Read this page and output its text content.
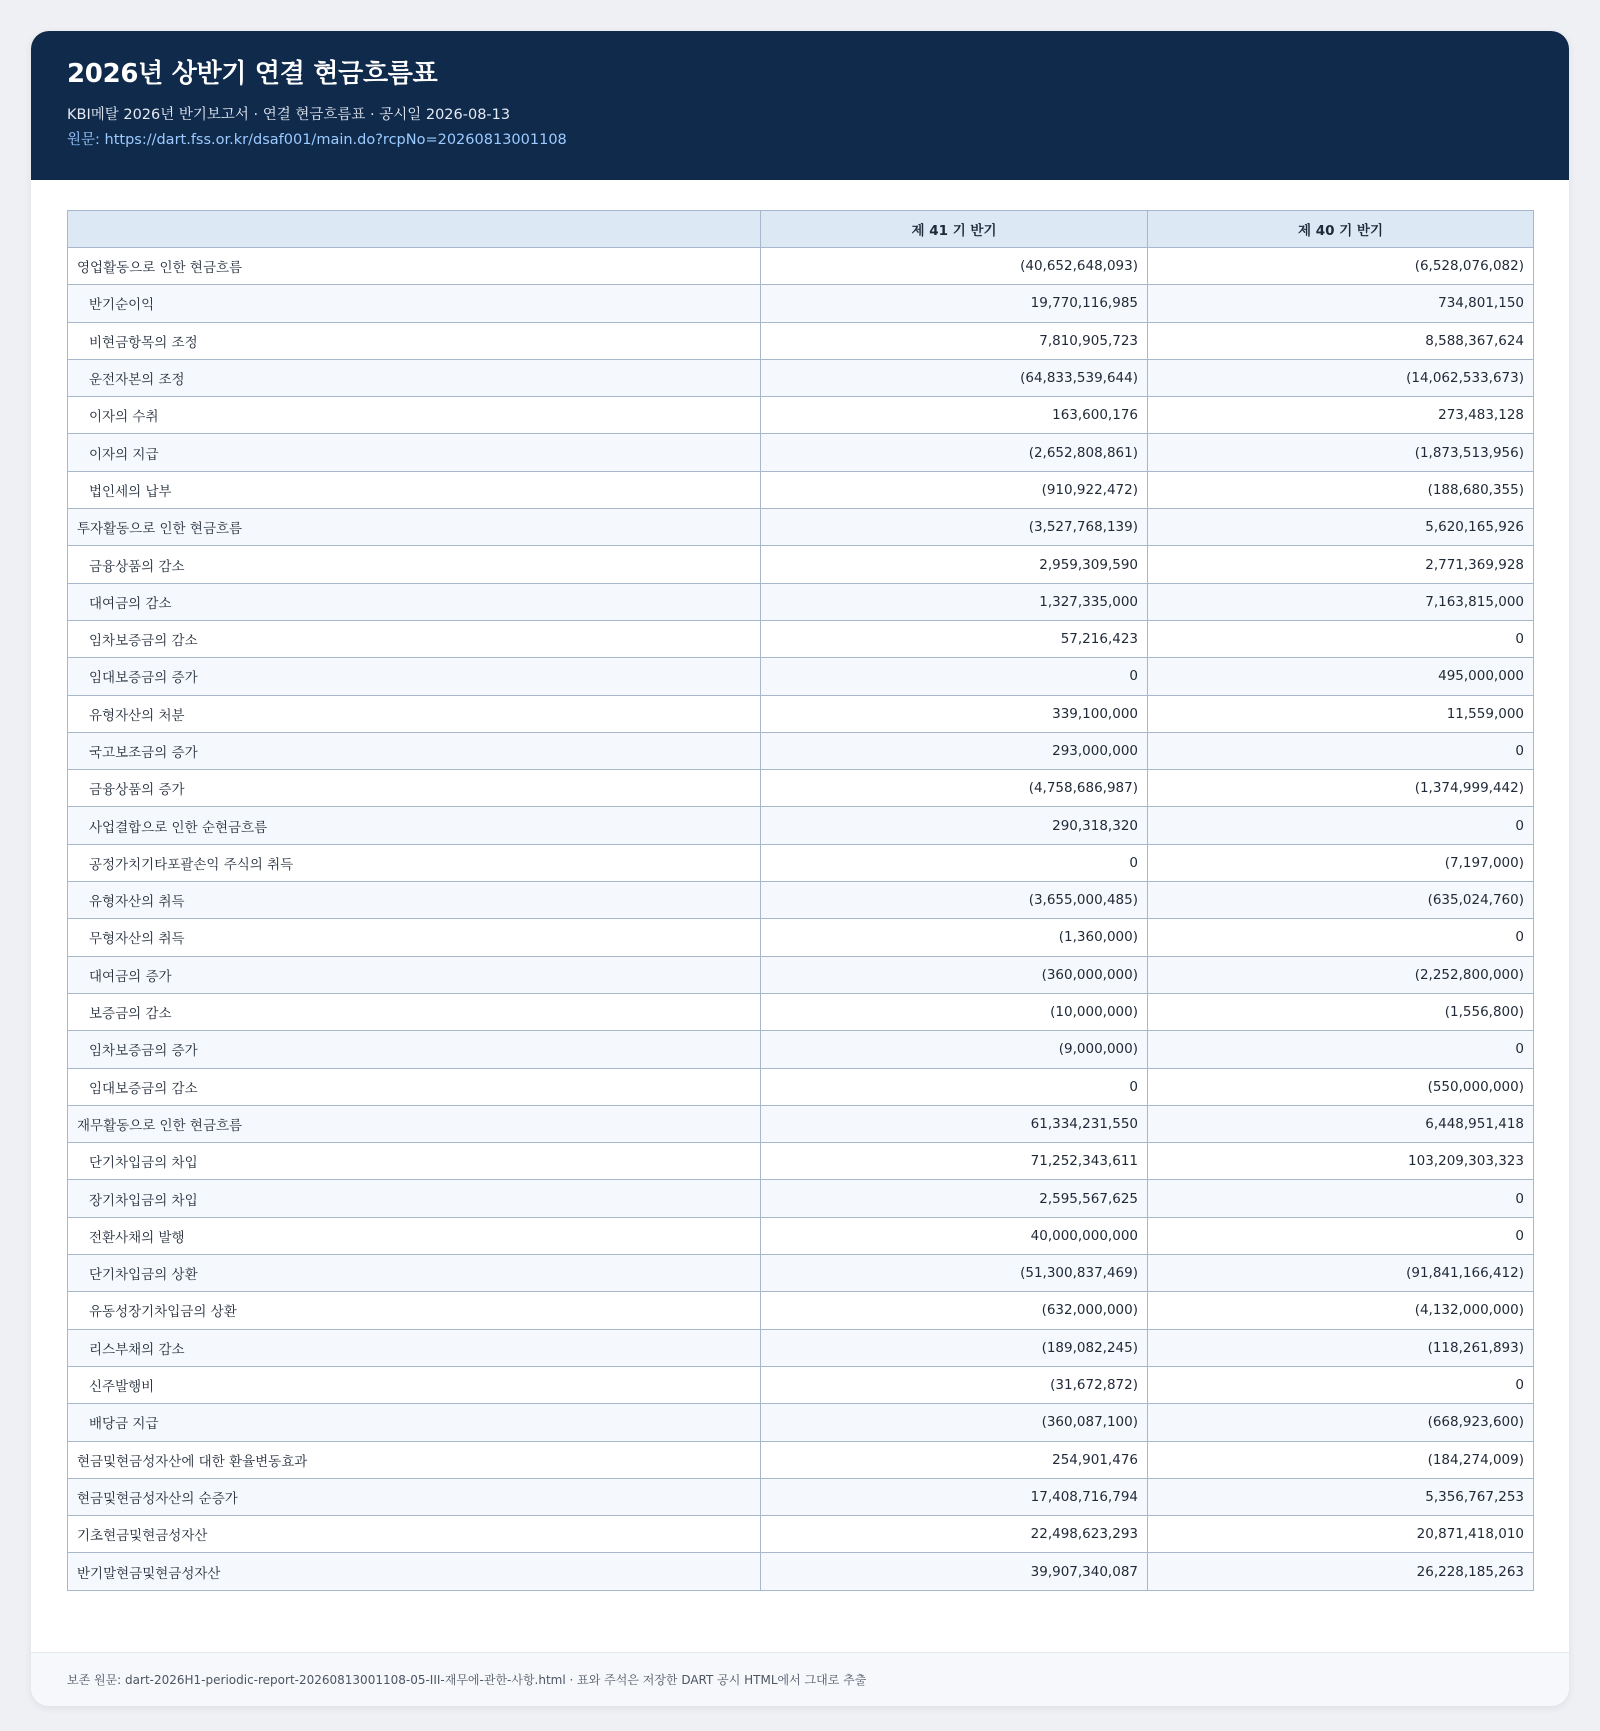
2026년 상반기 연결 현금흐름표
KBI메탈 2026년 반기보고서 · 연결 현금흐름표 · 공시일 2026-08-13
원문: https://dart.fss.or.kr/dsaf001/main.do?rcpNo=20260813001108
	제 41 기 반기	제 40 기 반기
영업활동으로 인한 현금흐름	(40,652,648,093)	(6,528,076,082)
반기순이익	19,770,116,985	734,801,150
비현금항목의 조정	7,810,905,723	8,588,367,624
운전자본의 조정	(64,833,539,644)	(14,062,533,673)
이자의 수취	163,600,176	273,483,128
이자의 지급	(2,652,808,861)	(1,873,513,956)
법인세의 납부	(910,922,472)	(188,680,355)
투자활동으로 인한 현금흐름	(3,527,768,139)	5,620,165,926
금융상품의 감소	2,959,309,590	2,771,369,928
대여금의 감소	1,327,335,000	7,163,815,000
임차보증금의 감소	57,216,423	0
임대보증금의 증가	0	495,000,000
유형자산의 처분	339,100,000	11,559,000
국고보조금의 증가	293,000,000	0
금융상품의 증가	(4,758,686,987)	(1,374,999,442)
사업결합으로 인한 순현금흐름	290,318,320	0
공정가치기타포괄손익 주식의 취득	0	(7,197,000)
유형자산의 취득	(3,655,000,485)	(635,024,760)
무형자산의 취득	(1,360,000)	0
대여금의 증가	(360,000,000)	(2,252,800,000)
보증금의 감소	(10,000,000)	(1,556,800)
임차보증금의 증가	(9,000,000)	0
임대보증금의 감소	0	(550,000,000)
재무활동으로 인한 현금흐름	61,334,231,550	6,448,951,418
단기차입금의 차입	71,252,343,611	103,209,303,323
장기차입금의 차입	2,595,567,625	0
전환사채의 발행	40,000,000,000	0
단기차입금의 상환	(51,300,837,469)	(91,841,166,412)
유동성장기차입금의 상환	(632,000,000)	(4,132,000,000)
리스부채의 감소	(189,082,245)	(118,261,893)
신주발행비	(31,672,872)	0
배당금 지급	(360,087,100)	(668,923,600)
현금및현금성자산에 대한 환율변동효과	254,901,476	(184,274,009)
현금및현금성자산의 순증가	17,408,716,794	5,356,767,253
기초현금및현금성자산	22,498,623,293	20,871,418,010
반기말현금및현금성자산	39,907,340,087	26,228,185,263
보존 원문: dart-2026H1-periodic-report-20260813001108-05-III-재무에-관한-사항.html · 표와 주석은 저장한 DART 공시 HTML에서 그대로 추출
